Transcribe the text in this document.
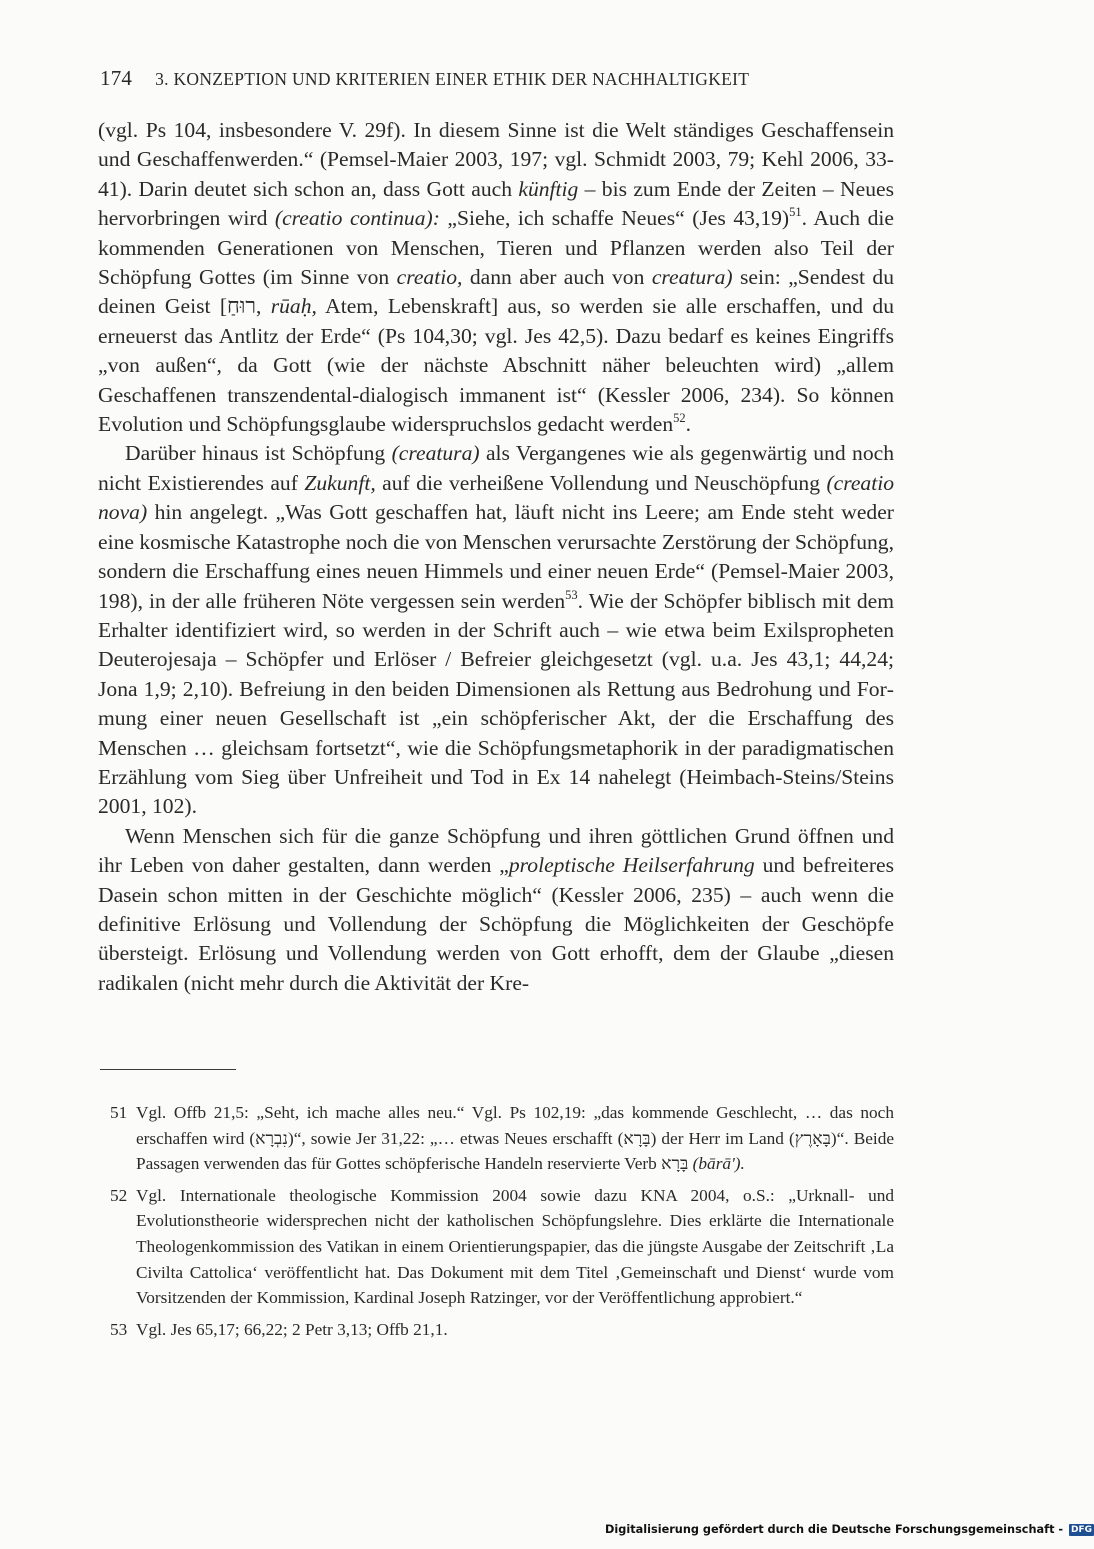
174 3. KONZEPTION UND KRITERIEN EINER ETHIK DER NACHHALTIGKEIT

(vgl. Ps 104, insbesondere V. 29f). In diesem Sinne ist die Welt ständiges Geschaffensein und Geschaffenwerden.“ (Pemsel-Maier 2003, 197; vgl. Schmidt 2003, 79; Kehl 2006, 33-41). Darin deutet sich schon an, dass Gott auch künftig – bis zum Ende der Zeiten – Neues hervorbringen wird (creatio continua): „Siehe, ich schaffe Neues“ (Jes 43,19)$^{51}$. Auch die kommenden Generationen von Menschen, Tieren und Pflanzen werden also Teil der Schöpfung Gottes (im Sinne von creatio, dann aber auch von creatura) sein: „Sendest du deinen Geist [רוּחַ, rūaḥ, Atem, Lebenskraft] aus, so werden sie alle erschaffen, und du erneuerst das Antlitz der Erde“ (Ps 104,30; vgl. Jes 42,5). Dazu bedarf es keines Eingriffs „von außen“, da Gott (wie der nächste Abschnitt näher beleuchten wird) „allem Geschaffenen transzendental-dialogisch immanent ist“ (Kessler 2006, 234). So können Evolution und Schöpfungsglaube widerspruchslos gedacht werden$^{52}$.

Darüber hinaus ist Schöpfung (creatura) als Vergangenes wie als gegenwärtig und noch nicht Existierendes auf Zukunft, auf die verheißene Vollendung und Neuschöpfung (creatio nova) hin angelegt. „Was Gott geschaffen hat, läuft nicht ins Leere; am Ende steht weder eine kosmische Katastrophe noch die von Menschen verursachte Zerstörung der Schöpfung, sondern die Erschaffung eines neuen Himmels und einer neuen Erde“ (Pemsel-Maier 2003, 198), in der alle früheren Nöte vergessen sein werden$^{53}$. Wie der Schöpfer biblisch mit dem Erhalter identifiziert wird, so werden in der Schrift auch – wie etwa beim Exilspropheten Deuterojesaja – Schöpfer und Erlöser / Befreier gleichgesetzt (vgl. u.a. Jes 43,1; 44,24; Jona 1,9; 2,10). Befreiung in den beiden Dimensionen als Rettung aus Bedrohung und Formung einer neuen Gesellschaft ist „ein schöpferischer Akt, der die Erschaffung des Menschen … gleichsam fortsetzt“, wie die Schöpfungsmetaphorik in der paradigmatischen Erzählung vom Sieg über Unfreiheit und Tod in Ex 14 nahelegt (Heimbach-Steins/Steins 2001, 102).

Wenn Menschen sich für die ganze Schöpfung und ihren göttlichen Grund öffnen und ihr Leben von daher gestalten, dann werden „proleptische Heilserfahrung und befreiteres Dasein schon mitten in der Geschichte möglich“ (Kessler 2006, 235) – auch wenn die definitive Erlösung und Vollendung der Schöpfung die Möglichkeiten der Geschöpfe übersteigt. Erlösung und Vollendung werden von Gott erhofft, dem der Glaube „diesen radikalen (nicht mehr durch die Aktivität der Kre-

51 Vgl. Offb 21,5: „Seht, ich mache alles neu.“ Vgl. Ps 102,19: „das kommende Geschlecht, … das noch erschaffen wird (נִבְרָא)“, sowie Jer 31,22: „… etwas Neues erschafft (בָּרָא) der Herr im Land (בָּאָרֶץ)“. Beide Passagen verwenden das für Gottes schöpferische Handeln reservierte Verb בָּרָא (bārā').
52 Vgl. Internationale theologische Kommission 2004 sowie dazu KNA 2004, o.S.: „Urknall- und Evolutionstheorie widersprechen nicht der katholischen Schöpfungslehre. Dies erklärte die Internationale Theologenkommission des Vatikan in einem Orientierungspapier, das die jüngste Ausgabe der Zeitschrift ‚La Civilta Cattolica‘ veröffentlicht hat. Das Dokument mit dem Titel ‚Gemeinschaft und Dienst‘ wurde vom Vorsitzenden der Kommission, Kardinal Joseph Ratzinger, vor der Veröffentlichung approbiert.“
53 Vgl. Jes 65,17; 66,22; 2 Petr 3,13; Offb 21,1.
Digitalisierung gefördert durch die Deutsche Forschungsgemeinschaft - DFG
